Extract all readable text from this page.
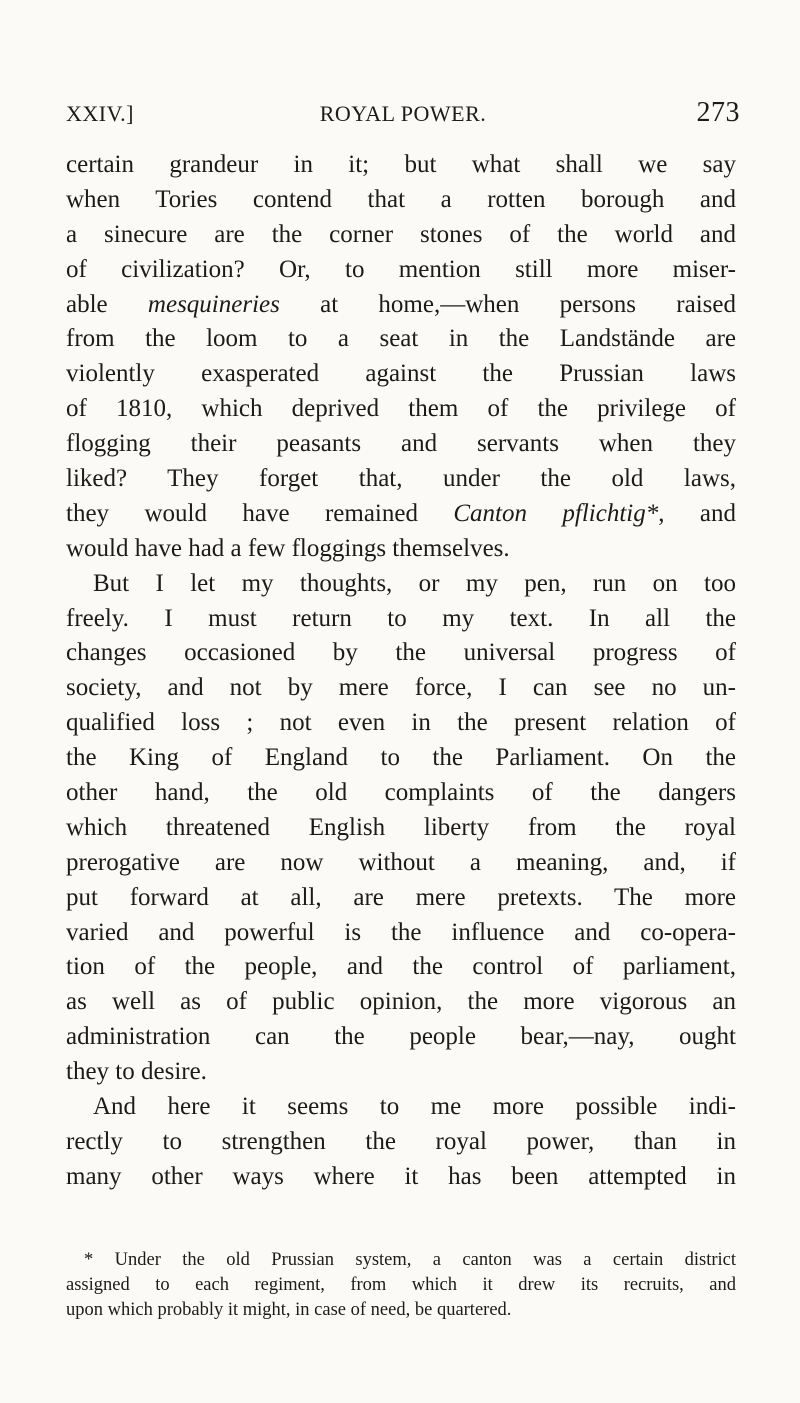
XXIV.]	ROYAL POWER.	273
certain grandeur in it; but what shall we say
when Tories contend that a rotten borough and
a sinecure are the corner stones of the world and
of civilization? Or, to mention still more miser-
able mesquineries at home,—when persons raised
from the loom to a seat in the Landstände are
violently exasperated against the Prussian laws
of 1810, which deprived them of the privilege of
flogging their peasants and servants when they
liked? They forget that, under the old laws,
they would have remained Canton pflichtig*, and
would have had a few floggings themselves.
But I let my thoughts, or my pen, run on too
freely. I must return to my text. In all the
changes occasioned by the universal progress of
society, and not by mere force, I can see no un-
qualified loss ; not even in the present relation of
the King of England to the Parliament. On the
other hand, the old complaints of the dangers
which threatened English liberty from the royal
prerogative are now without a meaning, and, if
put forward at all, are mere pretexts. The more
varied and powerful is the influence and co-opera-
tion of the people, and the control of parliament,
as well as of public opinion, the more vigorous an
administration can the people bear,—nay, ought
they to desire.
And here it seems to me more possible indi-
rectly to strengthen the royal power, than in
many other ways where it has been attempted in
* Under the old Prussian system, a canton was a certain district
assigned to each regiment, from which it drew its recruits, and
upon which probably it might, in case of need, be quartered.
